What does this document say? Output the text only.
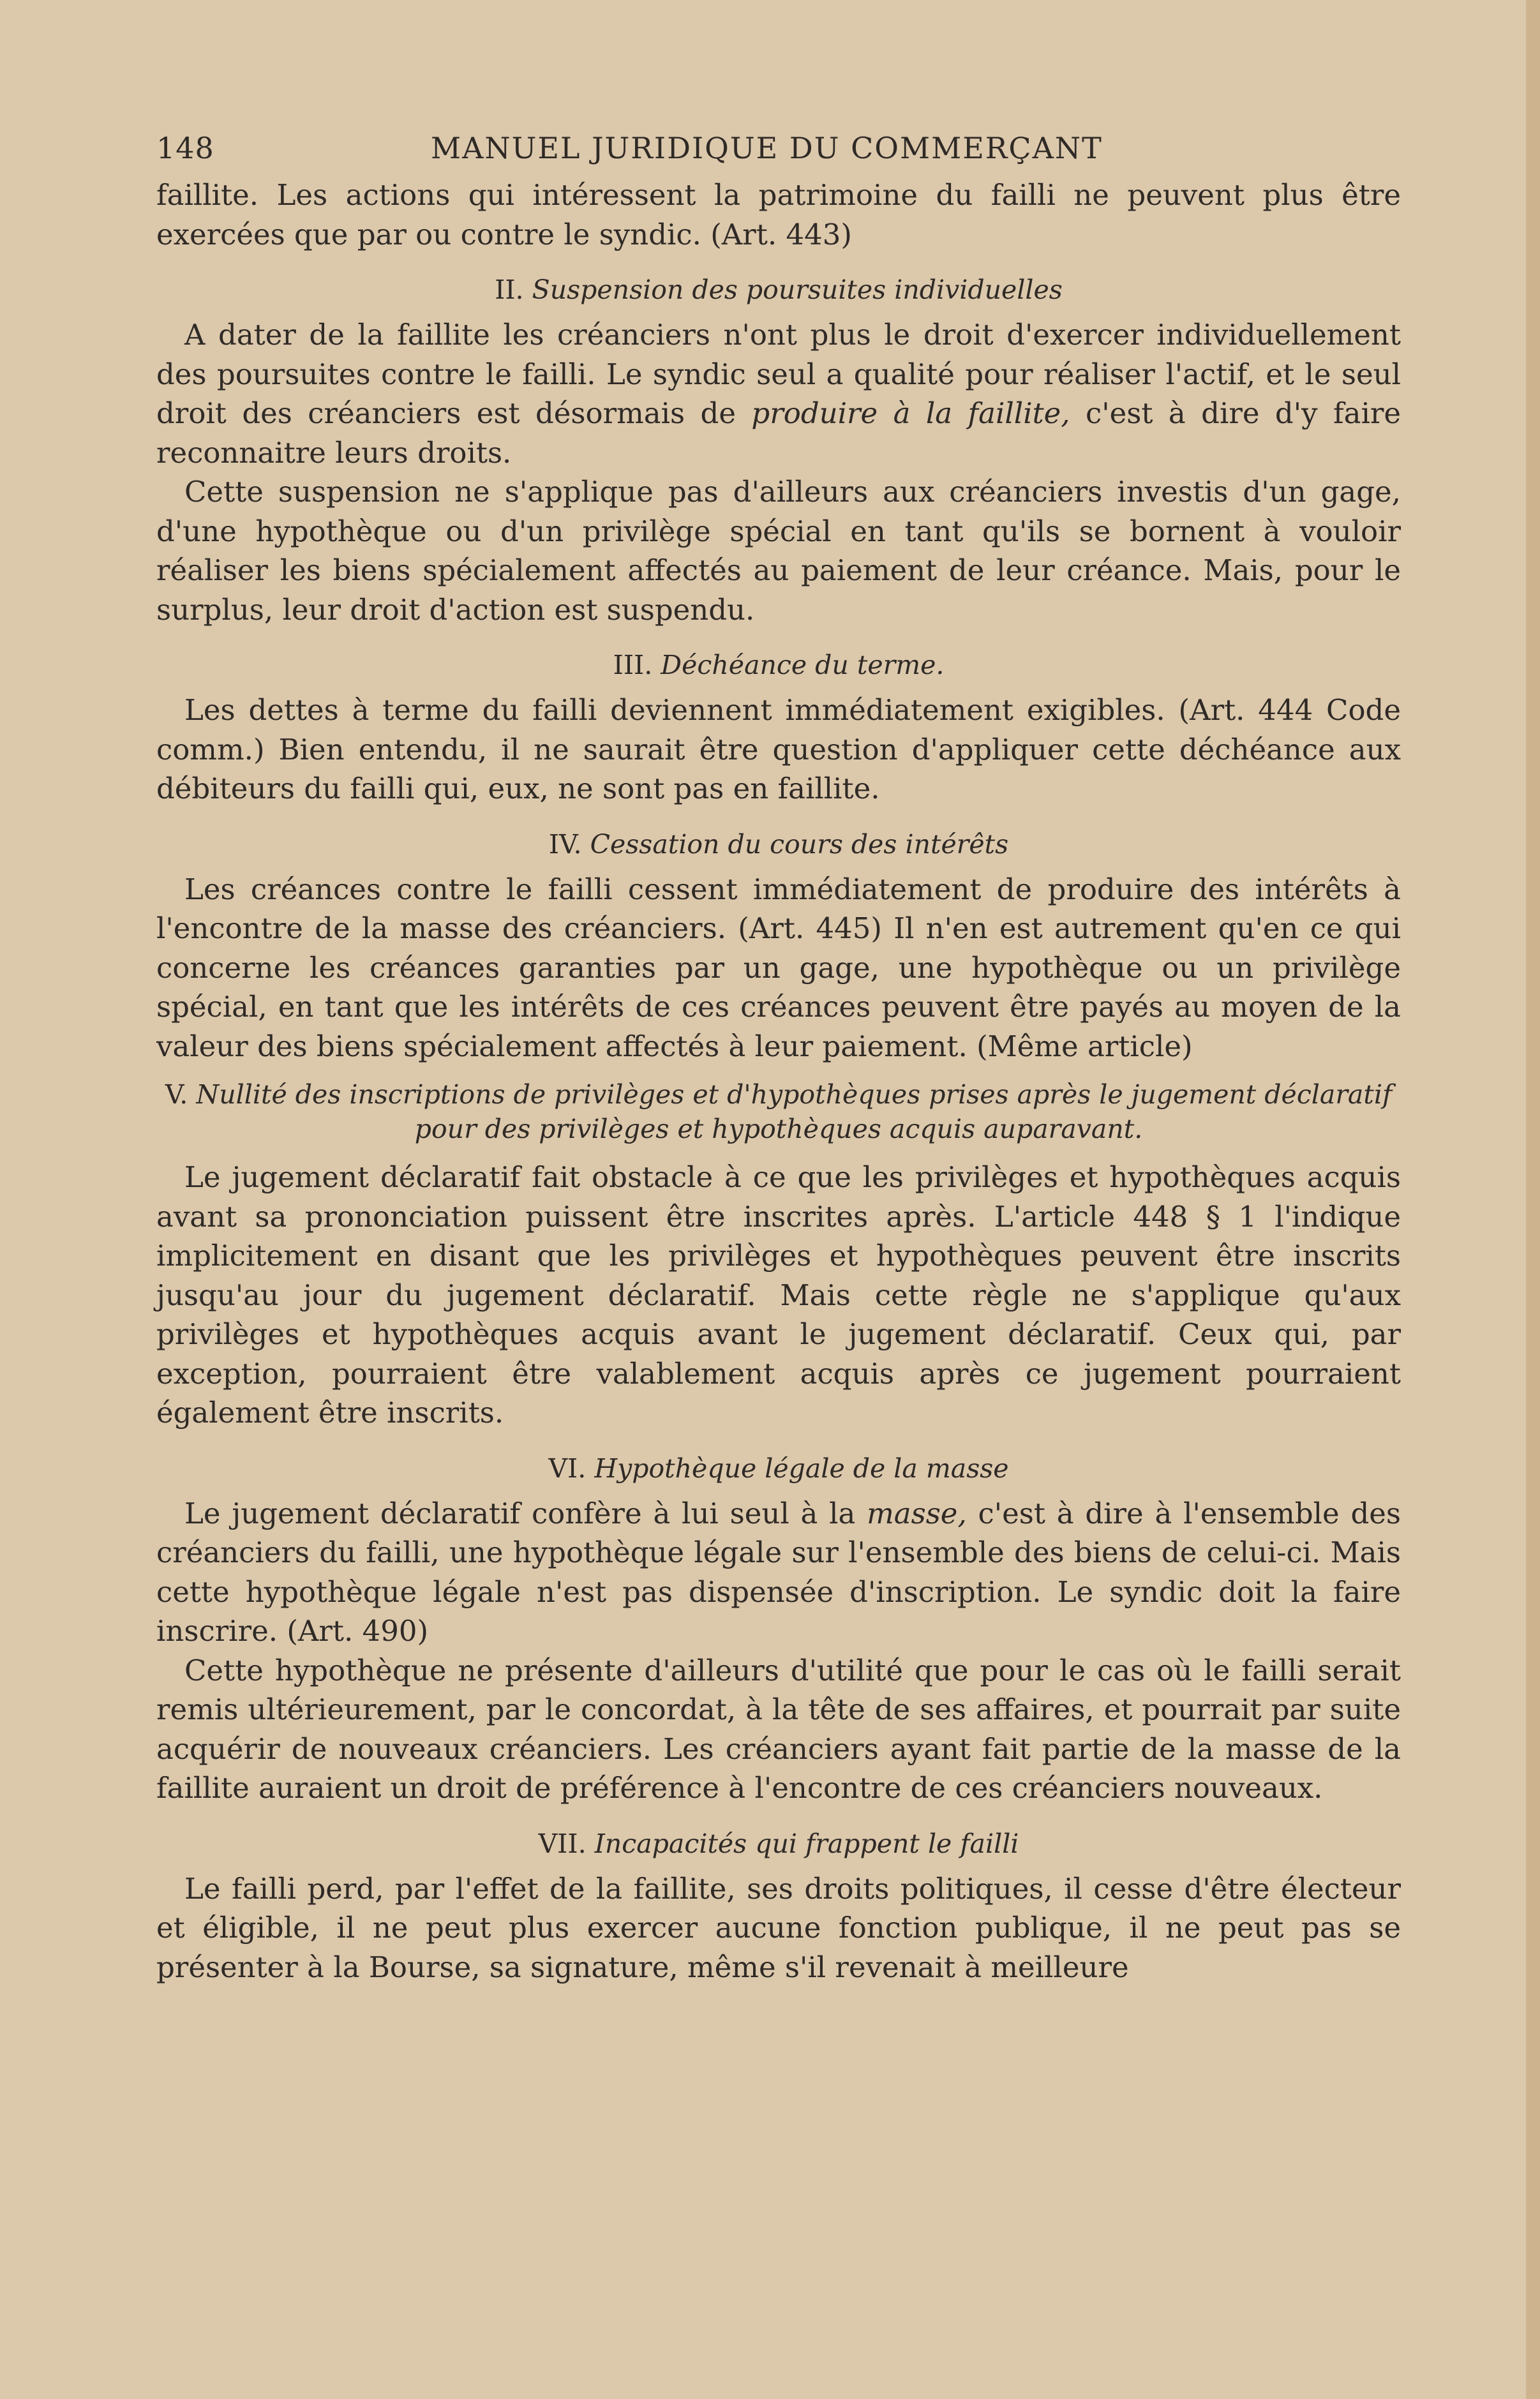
148	MANUEL JURIDIQUE DU COMMERÇANT

faillite. Les actions qui intéressent la patrimoine du failli ne peuvent plus être exercées que par ou contre le syndic. (Art. 443)

II. Suspension des poursuites individuelles

A dater de la faillite les créanciers n'ont plus le droit d'exercer individuellement des poursuites contre le failli. Le syndic seul a qualité pour réaliser l'actif, et le seul droit des créanciers est désormais de produire à la faillite, c'est à dire d'y faire reconnaitre leurs droits.

Cette suspension ne s'applique pas d'ailleurs aux créanciers investis d'un gage, d'une hypothèque ou d'un privilège spécial en tant qu'ils se bornent à vouloir réaliser les biens spécialement affectés au paiement de leur créance. Mais, pour le surplus, leur droit d'action est suspendu.

III. Déchéance du terme.

Les dettes à terme du failli deviennent immédiatement exigibles. (Art. 444 Code comm.) Bien entendu, il ne saurait être question d'appliquer cette déchéance aux débiteurs du failli qui, eux, ne sont pas en faillite.

IV. Cessation du cours des intérêts

Les créances contre le failli cessent immédiatement de produire des intérêts à l'encontre de la masse des créanciers. (Art. 445) Il n'en est autrement qu'en ce qui concerne les créances garanties par un gage, une hypothèque ou un privilège spécial, en tant que les intérêts de ces créances peuvent être payés au moyen de la valeur des biens spécialement affectés à leur paiement. (Même article)

V. Nullité des inscriptions de privilèges et d'hypothèques prises après le jugement déclaratif pour des privilèges et hypothèques acquis auparavant.

Le jugement déclaratif fait obstacle à ce que les privilèges et hypothèques acquis avant sa prononciation puissent être inscrites après. L'article 448 § 1 l'indique implicitement en disant que les privilèges et hypothèques peuvent être inscrits jusqu'au jour du jugement déclaratif. Mais cette règle ne s'applique qu'aux privilèges et hypothèques acquis avant le jugement déclaratif. Ceux qui, par exception, pourraient être valablement acquis après ce jugement pourraient également être inscrits.

VI. Hypothèque légale de la masse

Le jugement déclaratif confère à lui seul à la masse, c'est à dire à l'ensemble des créanciers du failli, une hypothèque légale sur l'ensemble des biens de celui-ci. Mais cette hypothèque légale n'est pas dispensée d'inscription. Le syndic doit la faire inscrire. (Art. 490)

Cette hypothèque ne présente d'ailleurs d'utilité que pour le cas où le failli serait remis ultérieurement, par le concordat, à la tête de ses affaires, et pourrait par suite acquérir de nouveaux créanciers. Les créanciers ayant fait partie de la masse de la faillite auraient un droit de préférence à l'encontre de ces créanciers nouveaux.

VII. Incapacités qui frappent le failli

Le failli perd, par l'effet de la faillite, ses droits politiques, il cesse d'être électeur et éligible, il ne peut plus exercer aucune fonction publique, il ne peut pas se présenter à la Bourse, sa signature, même s'il revenait à meilleure
